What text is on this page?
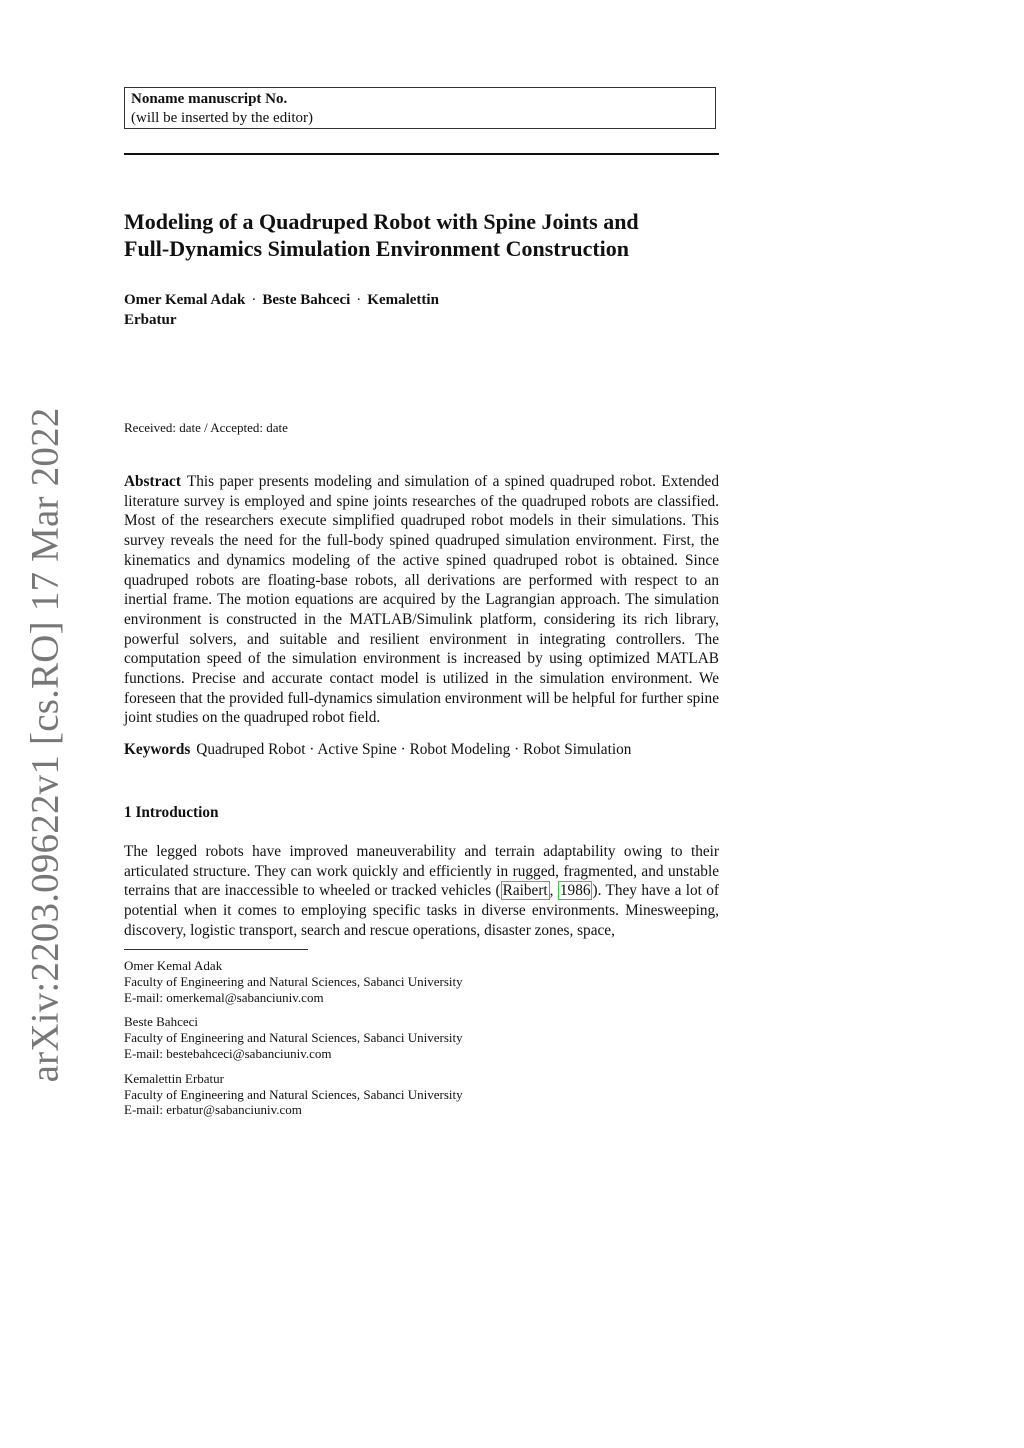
arXiv:2203.09622v1 [cs.RO] 17 Mar 2022
Noname manuscript No.
(will be inserted by the editor)
Modeling of a Quadruped Robot with Spine Joints and
Full-Dynamics Simulation Environment Construction
Omer Kemal Adak · Beste Bahceci · Kemalettin
Erbatur
Received: date / Accepted: date
Abstract This paper presents modeling and simulation of a spined quadruped robot. Extended literature survey is employed and spine joints researches of the quadruped robots are classified. Most of the researchers execute simplified quadruped robot models in their simulations. This survey reveals the need for the full-body spined quadruped simulation environment. First, the kinematics and dynamics modeling of the active spined quadruped robot is obtained. Since quadruped robots are floating-base robots, all derivations are performed with respect to an inertial frame. The motion equations are acquired by the Lagrangian approach. The simulation environment is constructed in the MATLAB/Simulink platform, considering its rich library, powerful solvers, and suitable and resilient environment in integrating controllers. The computation speed of the simulation environment is increased by using optimized MATLAB functions. Precise and accurate contact model is utilized in the simulation environment. We foreseen that the provided full-dynamics simulation environment will be helpful for further spine joint studies on the quadruped robot field.
Keywords Quadruped Robot · Active Spine · Robot Modeling · Robot Simulation
1 Introduction
The legged robots have improved maneuverability and terrain adaptability owing to their articulated structure. They can work quickly and efficiently in rugged, fragmented, and unstable terrains that are inaccessible to wheeled or tracked vehicles ( Raibert , 1986 ). They have a lot of potential when it comes to employing specific tasks in diverse environments. Minesweeping, discovery, logistic transport, search and rescue operations, disaster zones, space,
Omer Kemal Adak
Faculty of Engineering and Natural Sciences, Sabanci University
E-mail: omerkemal@sabanciuniv.com
Beste Bahceci
Faculty of Engineering and Natural Sciences, Sabanci University
E-mail: bestebahceci@sabanciuniv.com
Kemalettin Erbatur
Faculty of Engineering and Natural Sciences, Sabanci University
E-mail: erbatur@sabanciuniv.com
